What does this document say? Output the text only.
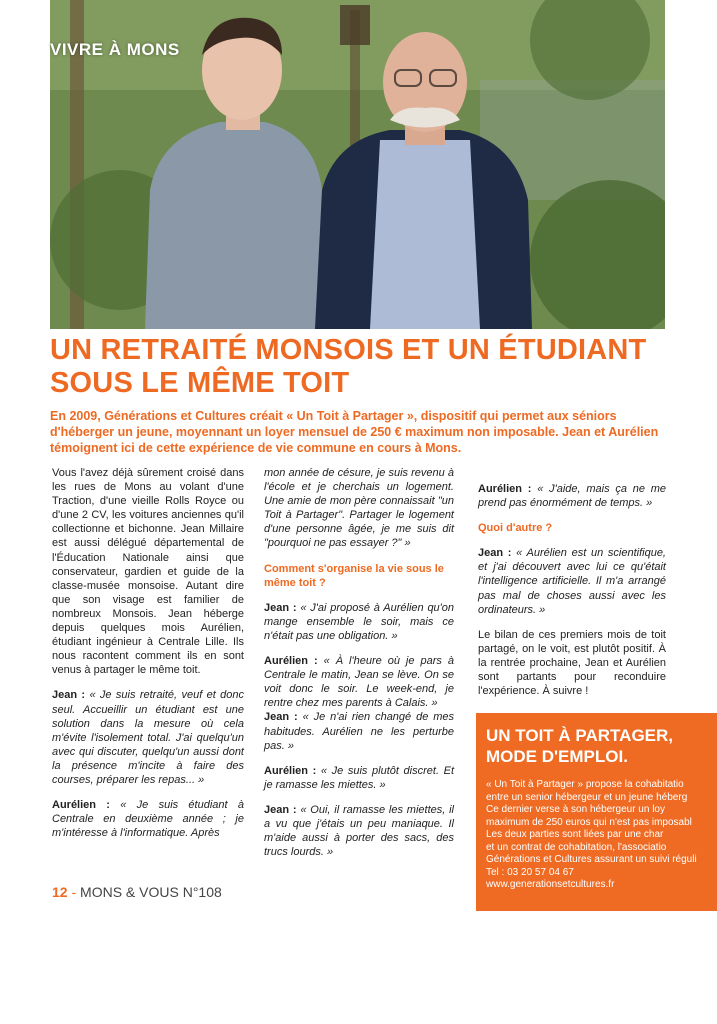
VIVRE À MONS
UN RETRAITÉ MONSOIS ET UN ÉTUDIANT SOUS LE MÊME TOIT

En 2009, Générations et Cultures créait « Un Toit à Partager », dispositif qui permet aux séniors d'héberger un jeune, moyennant un loyer mensuel de 250 € maximum non imposable. Jean et Aurélien témoignent ici de cette expérience de vie commune en cours à Mons.

Vous l'avez déjà sûrement croisé dans les rues de Mons au volant d'une Traction, d'une vieille Rolls Royce ou d'une 2 CV, les voitures anciennes qu'il collectionne et bichonne. Jean Millaire est aussi délégué départemental de l'Éducation Nationale ainsi que conservateur, gardien et guide de la classe-musée monsoise. Autant dire que son visage est familier de nombreux Monsois. Jean héberge depuis quelques mois Aurélien, étudiant ingénieur à Centrale Lille. Ils nous racontent comment ils en sont venus à partager le même toit.

Jean : « Je suis retraité, veuf et donc seul. Accueillir un étudiant est une solution dans la mesure où cela m'évite l'isolement total. J'ai quelqu'un avec qui discuter, quelqu'un aussi dont la présence m'incite à faire des courses, préparer les repas... »

Aurélien : « Je suis étudiant à Centrale en deuxième année ; je m'intéresse à l'informatique. Après

mon année de césure, je suis revenu à l'école et je cherchais un logement. Une amie de mon père connaissait "un Toit à Partager". Partager le logement d'une personne âgée, je me suis dit "pourquoi ne pas essayer ?" »

Comment s'organise la vie sous le même toit ?

Jean : « J'ai proposé à Aurélien qu'on mange ensemble le soir, mais ce n'était pas une obligation. »

Aurélien : « À l'heure où je pars à Centrale le matin, Jean se lève. On se voit donc le soir. Le week-end, je rentre chez mes parents à Calais. »

Jean : « Je n'ai rien changé de mes habitudes. Aurélien ne les perturbe pas. »

Aurélien : « Je suis plutôt discret. Et je ramasse les miettes. »

Jean : « Oui, il ramasse les miettes, il a vu que j'étais un peu maniaque. Il m'aide aussi à porter des sacs, des trucs lourds. »

Aurélien : « J'aide, mais ça ne me prend pas énormément de temps. »

Quoi d'autre ?

Jean : « Aurélien est un scientifique, et j'ai découvert avec lui ce qu'était l'intelligence artificielle. Il m'a arrangé pas mal de choses aussi avec les ordinateurs. »

Le bilan de ces premiers mois de toit partagé, on le voit, est plutôt positif. À la rentrée prochaine, Jean et Aurélien sont partants pour reconduire l'expérience. À suivre !

UN TOIT À PARTAGER, MODE D'EMPLOI.
« Un Toit à Partager » propose la cohabitatio
entre un senior hébergeur et un jeune héberg
Ce dernier verse à son hébergeur un loy
maximum de 250 euros qui n'est pas imposabl
Les deux parties sont liées par une char
et un contrat de cohabitation, l'associatio
Générations et Cultures assurant un suivi réguli
Tel : 03 20 57 04 67
www.generationsetcultures.fr
12 - MONS & VOUS N°108
